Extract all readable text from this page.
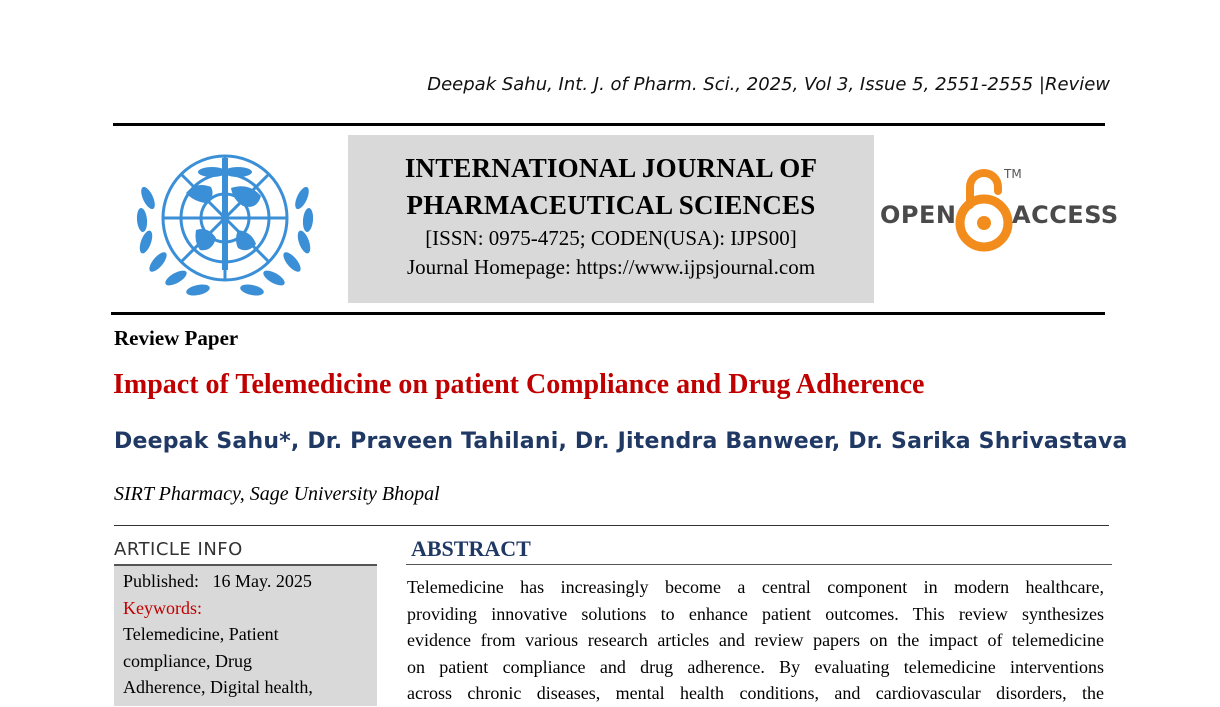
Deepak Sahu, Int. J. of Pharm. Sci., 2025, Vol 3, Issue 5, 2551-2555 |Review
INTERNATIONAL JOURNAL OF
PHARMACEUTICAL SCIENCES
[ISSN: 0975-4725; CODEN(USA): IJPS00]
Journal Homepage: https://www.ijpsjournal.com
OPEN
TM
ACCESS
Review Paper
Impact of Telemedicine on patient Compliance and Drug Adherence
Deepak Sahu*, Dr. Praveen Tahilani, Dr. Jitendra Banweer, Dr. Sarika Shrivastava
SIRT Pharmacy, Sage University Bhopal
ARTICLE INFO
Published: 16 May. 2025
Keywords:
Telemedicine, Patient
compliance, Drug
Adherence, Digital health,
ABSTRACT
Telemedicine has increasingly become a central component in modern healthcare,
providing innovative solutions to enhance patient outcomes. This review synthesizes
evidence from various research articles and review papers on the impact of telemedicine
on patient compliance and drug adherence. By evaluating telemedicine interventions
across chronic diseases, mental health conditions, and cardiovascular disorders, the
